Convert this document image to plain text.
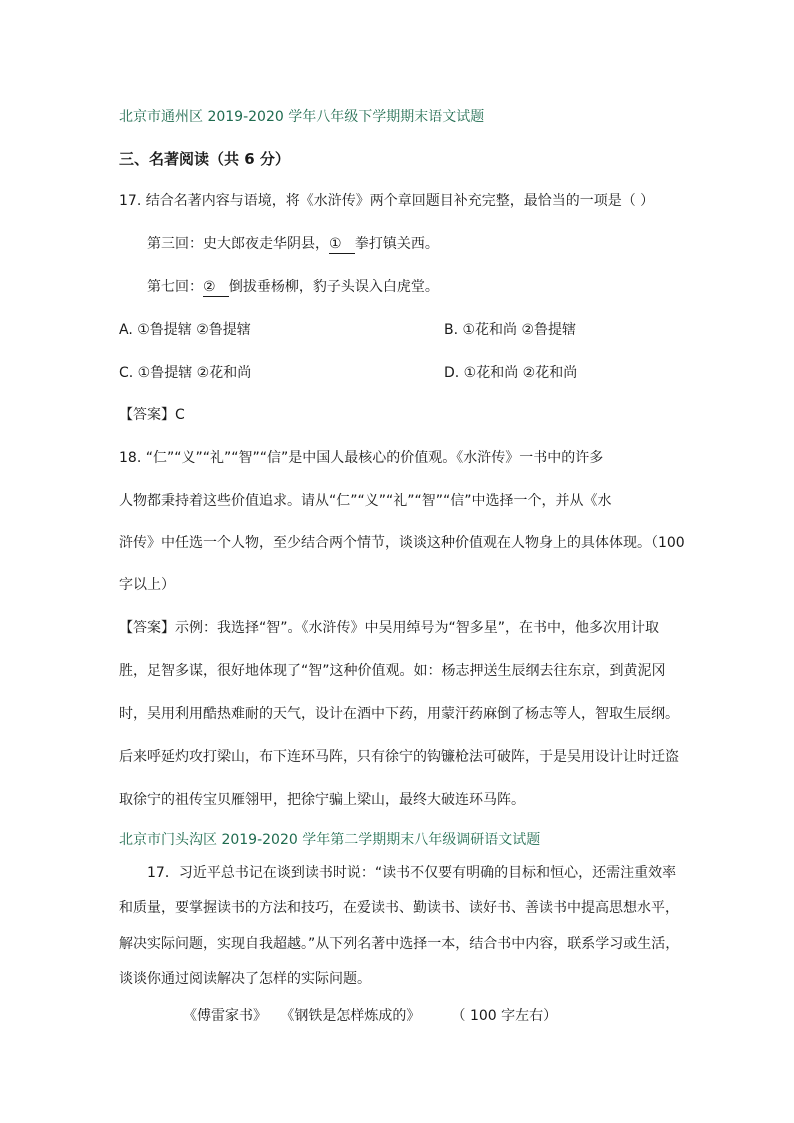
北京市通州区 2019-2020 学年八年级下学期期末语文试题
三、名著阅读（共 6 分）
17. 结合名著内容与语境，将《水浒传》两个章回题目补充完整，最恰当的一项是（ ）
第三回：史大郎夜走华阴县，①   拳打镇关西。
第七回：②   倒拔垂杨柳，豹子头误入白虎堂。
A. ①鲁提辖 ②鲁提辖	B. ①花和尚 ②鲁提辖
C. ①鲁提辖 ②花和尚	D. ①花和尚 ②花和尚
【答案】C
18. “仁”“义”“礼”“智”“信”是中国人最核心的价值观。《水浒传》一书中的许多
人物都秉持着这些价值追求。请从“仁”“义”“礼”“智”“信”中选择一个，并从《水
浒传》中任选一个人物，至少结合两个情节，谈谈这种价值观在人物身上的具体体现。（100
字以上）
【答案】示例：我选择“智”。《水浒传》中吴用绰号为“智多星”，在书中，他多次用计取
胜，足智多谋，很好地体现了“智”这种价值观。如：杨志押送生辰纲去往东京，到黄泥冈
时，吴用利用酷热难耐的天气，设计在酒中下药，用蒙汗药麻倒了杨志等人，智取生辰纲。
后来呼延灼攻打梁山，布下连环马阵，只有徐宁的钩镰枪法可破阵，于是吴用设计让时迁盗
取徐宁的祖传宝贝雁翎甲，把徐宁骗上梁山，最终大破连环马阵。
北京市门头沟区 2019-2020 学年第二学期期末八年级调研语文试题
17．习近平总书记在谈到读书时说：“读书不仅要有明确的目标和恒心，还需注重效率
和质量，要掌握读书的方法和技巧，在爱读书、勤读书、读好书、善读书中提高思想水平，
解决实际问题，实现自我超越。”从下列名著中选择一本，结合书中内容，联系学习或生活，
谈谈你通过阅读解决了怎样的实际问题。
《傅雷家书》   《钢铁是怎样炼成的》       （ 100 字左右）
